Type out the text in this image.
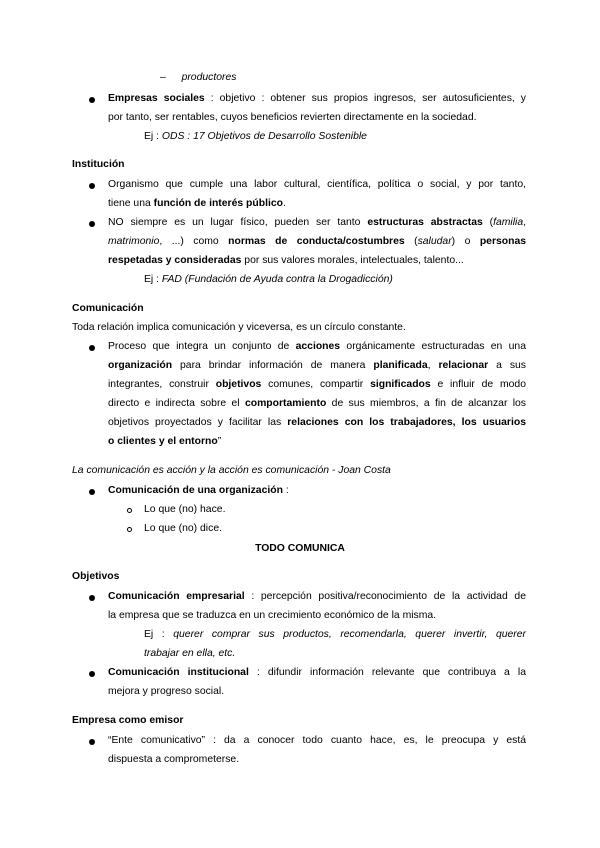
– productores
Empresas sociales : objetivo : obtener sus propios ingresos, ser autosuficientes, y
por tanto, ser rentables, cuyos beneficios revierten directamente en la sociedad.
Ej : ODS : 17 Objetivos de Desarrollo Sostenible
Institución
Organismo que cumple una labor cultural, científica, política o social, y por tanto,
tiene una función de interés público.
NO siempre es un lugar físico, pueden ser tanto estructuras abstractas (familia,
matrimonio, ...) como normas de conducta/costumbres (saludar) o personas
respetadas y consideradas por sus valores morales, intelectuales, talento...
Ej : FAD (Fundación de Ayuda contra la Drogadicción)
Comunicación
Toda relación implica comunicación y viceversa, es un círculo constante.
Proceso que integra un conjunto de acciones orgánicamente estructuradas en una
organización para brindar información de manera planificada, relacionar a sus
integrantes, construir objetivos comunes, compartir significados e influir de modo
directo e indirecta sobre el comportamiento de sus miembros, a fin de alcanzar los
objetivos proyectados y facilitar las relaciones con los trabajadores, los usuarios
o clientes y el entorno”
La comunicación es acción y la acción es comunicación - Joan Costa
Comunicación de una organización :
Lo que (no) hace.
Lo que (no) dice.
TODO COMUNICA
Objetivos
Comunicación empresarial : percepción positiva/reconocimiento de la actividad de
la empresa que se traduzca en un crecimiento económico de la misma.
Ej : querer comprar sus productos, recomendarla, querer invertir, querer
trabajar en ella, etc.
Comunicación institucional : difundir información relevante que contribuya a la
mejora y progreso social.
Empresa como emisor
“Ente comunicativo” : da a conocer todo cuanto hace, es, le preocupa y está
dispuesta a comprometerse.
